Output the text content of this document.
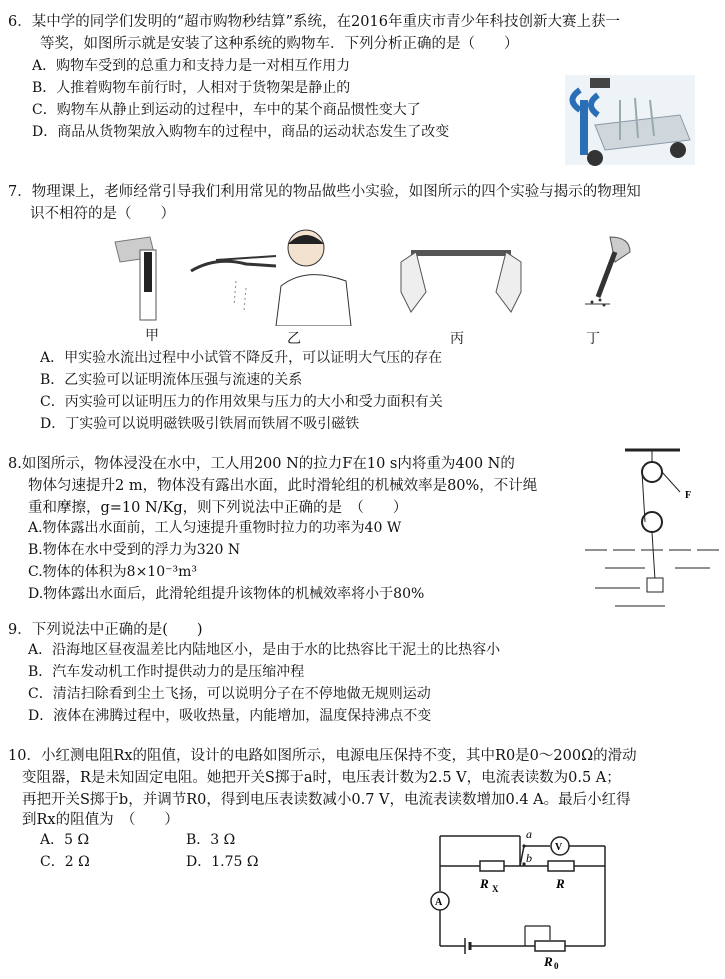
6．某中学的同学们发明的“超市购物秒结算”系统，在2016年重庆市青少年科技创新大赛上获一
等奖，如图所示就是安装了这种系统的购物车．下列分析正确的是（　　）
A．购物车受到的总重力和支持力是一对相互作用力
B．人推着购物车前行时，人相对于货物架是静止的
C．购物车从静止到运动的过程中，车中的某个商品惯性变大了
D．商品从货物架放入购物车的过程中，商品的运动状态发生了改变
7．物理课上，老师经常引导我们利用常见的物品做些小实验，如图所示的四个实验与揭示的物理知
识不相符的是（　　）
甲	乙	丙	丁
A．甲实验水流出过程中小试管不降反升，可以证明大气压的存在
B．乙实验可以证明流体压强与流速的关系
C．丙实验可以证明压力的作用效果与压力的大小和受力面积有关
D．丁实验可以说明磁铁吸引铁屑而铁屑不吸引磁铁
8.如图所示，物体浸没在水中，工人用200 N的拉力F在10 s内将重为400 N的
物体匀速提升2 m，物体没有露出水面，此时滑轮组的机械效率是80%，不计绳
重和摩擦，g=10 N/Kg，则下列说法中正确的是　（　　）
A.物体露出水面前，工人匀速提升重物时拉力的功率为40 W
B.物体在水中受到的浮力为320 N
C.物体的体积为8×10⁻³m³
D.物体露出水面后，此滑轮组提升该物体的机械效率将小于80%
F
9．下列说法中正确的是(　　)
A．沿海地区昼夜温差比内陆地区小，是由于水的比热容比干泥土的比热容小
B．汽车发动机工作时提供动力的是压缩冲程
C．清洁扫除看到尘土飞扬，可以说明分子在不停地做无规则运动
D．液体在沸腾过程中，吸收热量，内能增加，温度保持沸点不变
10．小红测电阻Rx的阻值，设计的电路如图所示，电源电压保持不变，其中R0是0～200Ω的滑动
变阻器，R是未知固定电阻。她把开关S掷于a时，电压表计数为2.5 V，电流表读数为0.5 A；
再把开关S掷于b，并调节R0，得到电压表读数减小0.7 V，电流表读数增加0.4 A。最后小红得
到Rx的阻值为　（　　）
A．5 Ω	B．3 Ω
C．2 Ω	D．1.75 Ω
a
b
V
A
R X	R
R 0
